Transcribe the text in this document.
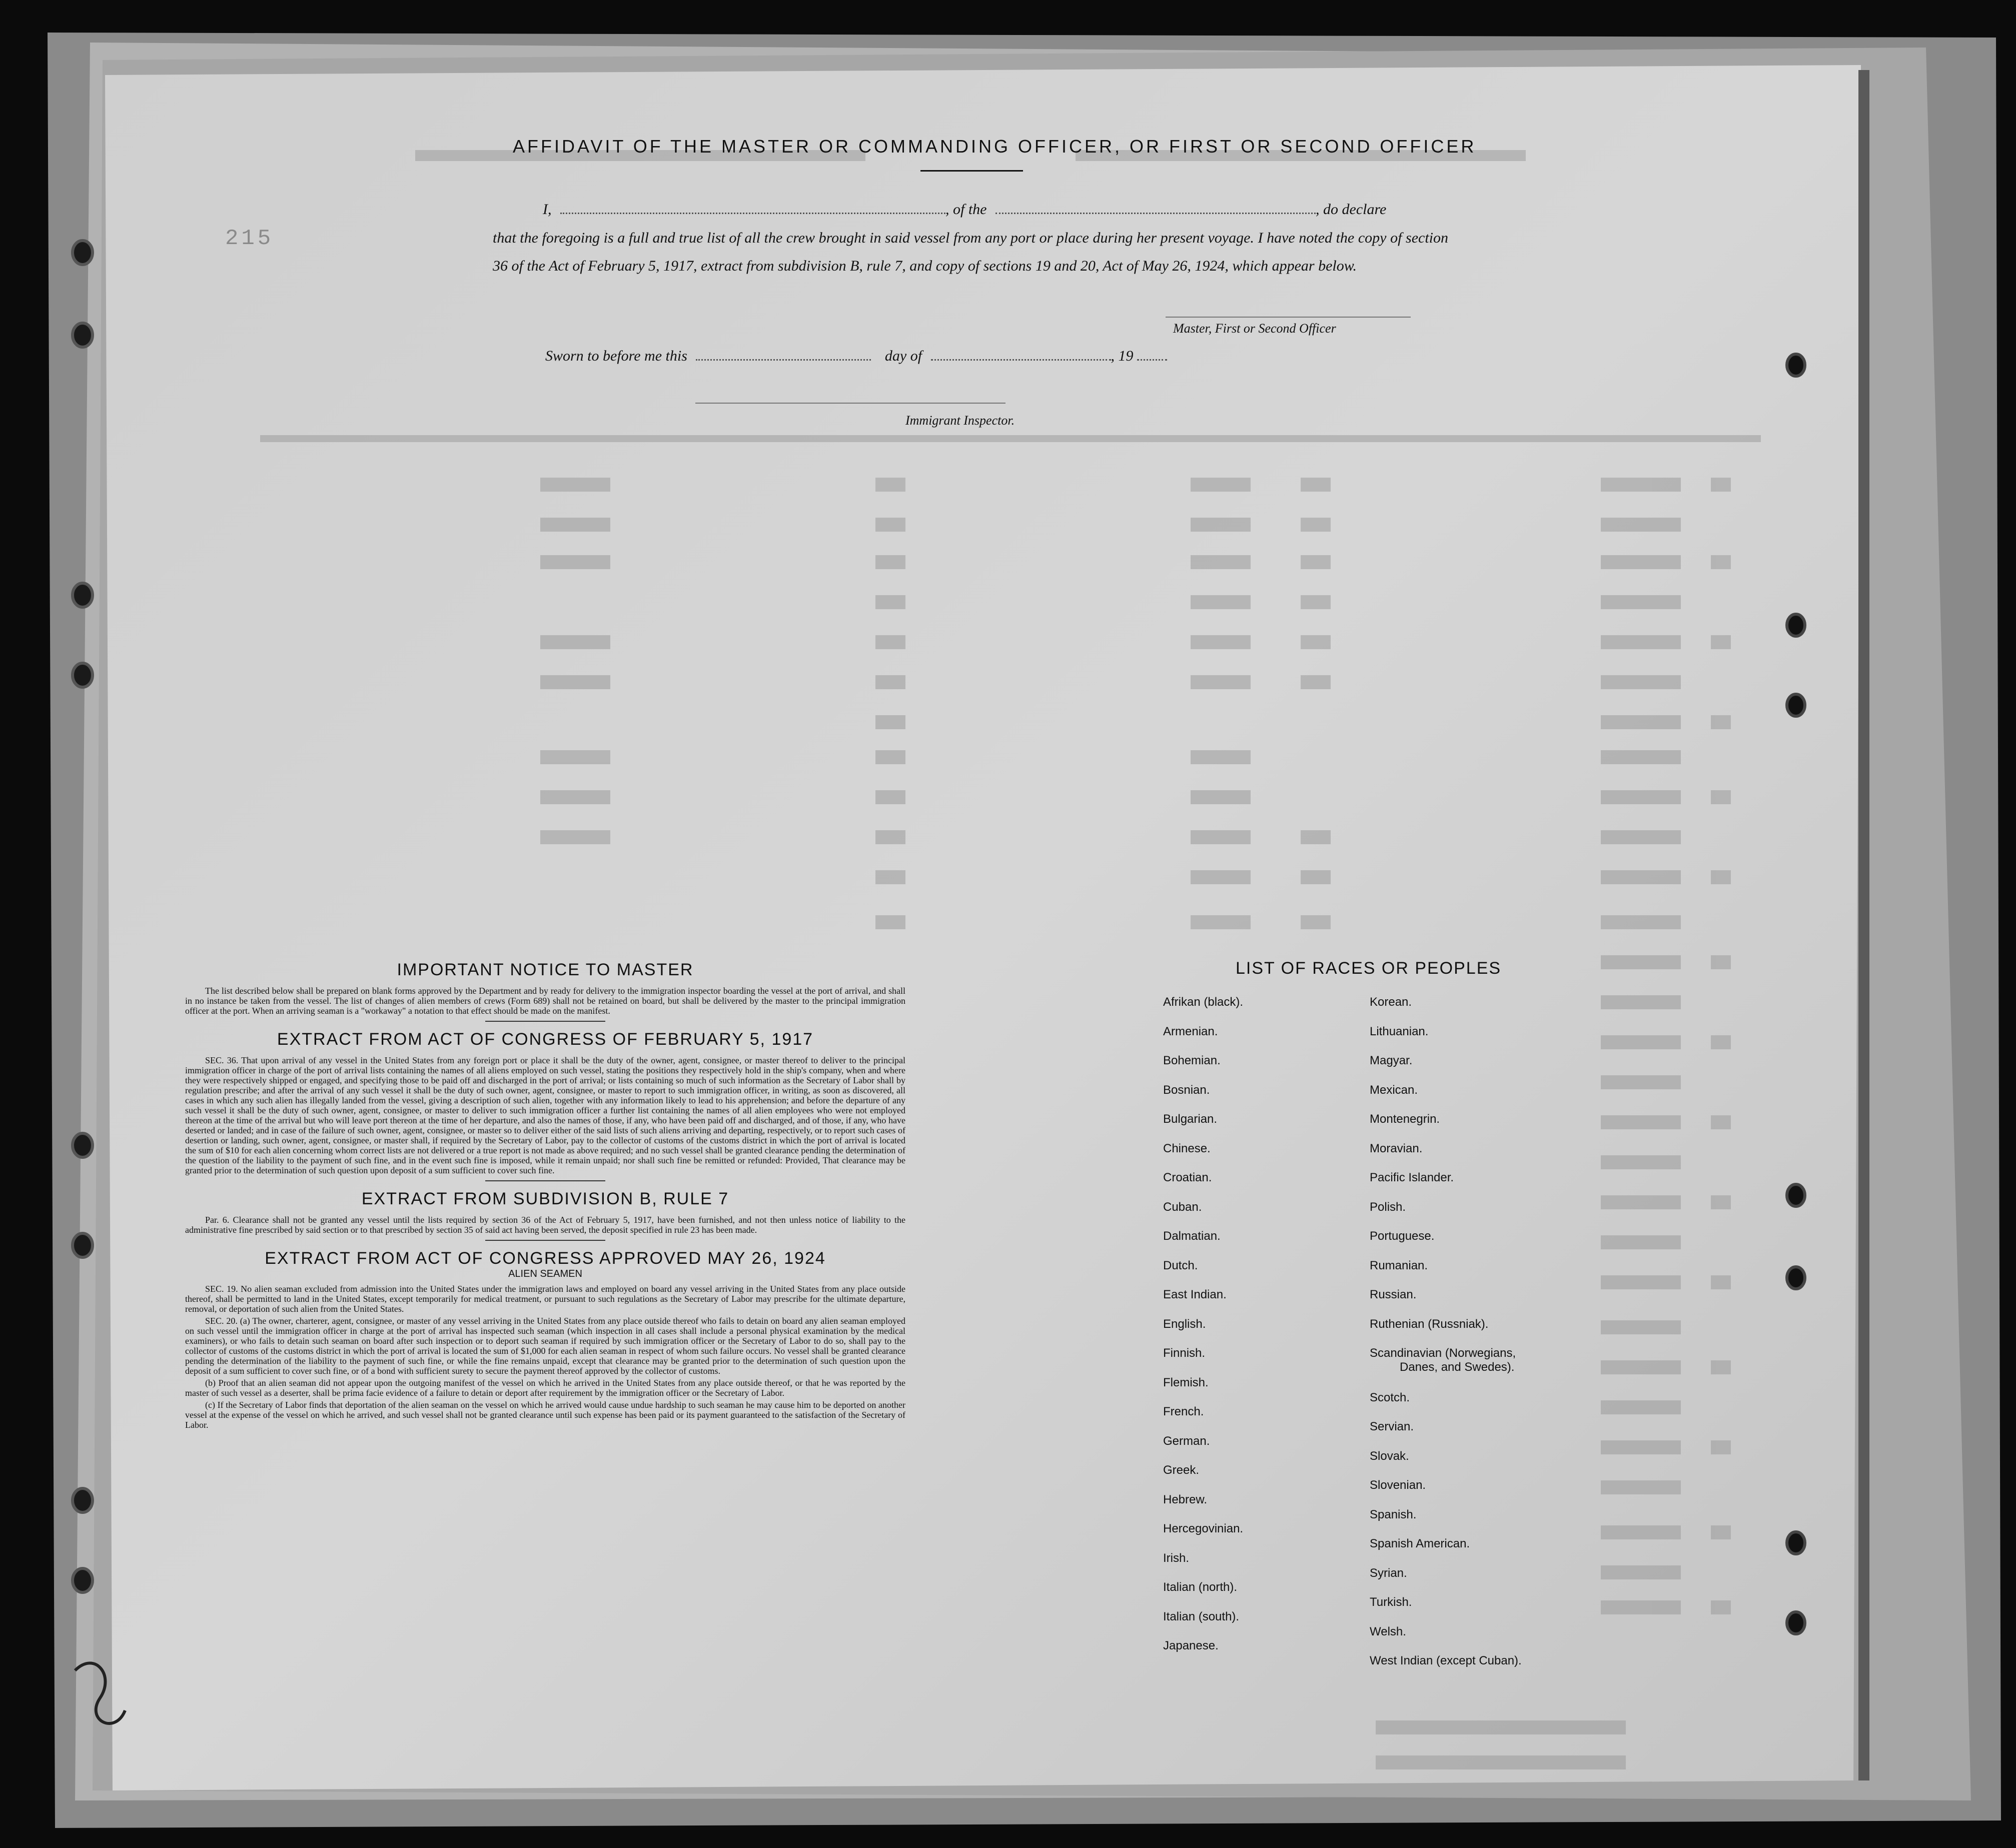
AFFIDAVIT OF THE MASTER OR COMMANDING OFFICER, OR FIRST OR SECOND OFFICER
I,	, of the	, do declare
that the foregoing is a full and true list of all the crew brought in said vessel from any port or place during her present voyage. I have noted the copy of section 36 of the Act of February 5, 1917, extract from subdivision B, rule 7, and copy of sections 19 and 20, Act of May 26, 1924, which appear below.
Master, First or Second Officer
Sworn to before me this	day of	, 19
Immigrant Inspector.
215
IMPORTANT NOTICE TO MASTER

The list described below shall be prepared on blank forms approved by the Department and by ready for delivery to the immigration inspector boarding the vessel at the port of arrival, and shall in no instance be taken from the vessel. The list of changes of alien members of crews (Form 689) shall not be retained on board, but shall be delivered by the master to the principal immigration officer at the port. When an arriving seaman is a "workaway" a notation to that effect should be made on the manifest.

EXTRACT FROM ACT OF CONGRESS OF FEBRUARY 5, 1917

SEC. 36. That upon arrival of any vessel in the United States from any foreign port or place it shall be the duty of the owner, agent, consignee, or master thereof to deliver to the principal immigration officer in charge of the port of arrival lists containing the names of all aliens employed on such vessel, stating the positions they respectively hold in the ship's company, when and where they were respectively shipped or engaged, and specifying those to be paid off and discharged in the port of arrival; or lists containing so much of such information as the Secretary of Labor shall by regulation prescribe; and after the arrival of any such vessel it shall be the duty of such owner, agent, consignee, or master to report to such immigration officer, in writing, as soon as discovered, all cases in which any such alien has illegally landed from the vessel, giving a description of such alien, together with any information likely to lead to his apprehension; and before the departure of any such vessel it shall be the duty of such owner, agent, consignee, or master to deliver to such immigration officer a further list containing the names of all alien employees who were not employed thereon at the time of the arrival but who will leave port thereon at the time of her departure, and also the names of those, if any, who have been paid off and discharged, and of those, if any, who have deserted or landed; and in case of the failure of such owner, agent, consignee, or master so to deliver either of the said lists of such aliens arriving and departing, respectively, or to report such cases of desertion or landing, such owner, agent, consignee, or master shall, if required by the Secretary of Labor, pay to the collector of customs of the customs district in which the port of arrival is located the sum of $10 for each alien concerning whom correct lists are not delivered or a true report is not made as above required; and no such vessel shall be granted clearance pending the determination of the question of the liability to the payment of such fine, and in the event such fine is imposed, while it remain unpaid; nor shall such fine be remitted or refunded: Provided, That clearance may be granted prior to the determination of such question upon deposit of a sum sufficient to cover such fine.

EXTRACT FROM SUBDIVISION B, RULE 7

Par. 6. Clearance shall not be granted any vessel until the lists required by section 36 of the Act of February 5, 1917, have been furnished, and not then unless notice of liability to the administrative fine prescribed by said section or to that prescribed by section 35 of said act having been served, the deposit specified in rule 23 has been made.

EXTRACT FROM ACT OF CONGRESS APPROVED MAY 26, 1924
ALIEN SEAMEN

SEC. 19. No alien seaman excluded from admission into the United States under the immigration laws and employed on board any vessel arriving in the United States from any place outside thereof, shall be permitted to land in the United States, except temporarily for medical treatment, or pursuant to such regulations as the Secretary of Labor may prescribe for the ultimate departure, removal, or deportation of such alien from the United States.

SEC. 20. (a) The owner, charterer, agent, consignee, or master of any vessel arriving in the United States from any place outside thereof who fails to detain on board any alien seaman employed on such vessel until the immigration officer in charge at the port of arrival has inspected such seaman (which inspection in all cases shall include a personal physical examination by the medical examiners), or who fails to detain such seaman on board after such inspection or to deport such seaman if required by such immigration officer or the Secretary of Labor to do so, shall pay to the collector of customs of the customs district in which the port of arrival is located the sum of $1,000 for each alien seaman in respect of whom such failure occurs. No vessel shall be granted clearance pending the determination of the liability to the payment of such fine, or while the fine remains unpaid, except that clearance may be granted prior to the determination of such question upon the deposit of a sum sufficient to cover such fine, or of a bond with sufficient surety to secure the payment thereof approved by the collector of customs.

(b) Proof that an alien seaman did not appear upon the outgoing manifest of the vessel on which he arrived in the United States from any place outside thereof, or that he was reported by the master of such vessel as a deserter, shall be prima facie evidence of a failure to detain or deport after requirement by the immigration officer or the Secretary of Labor.

(c) If the Secretary of Labor finds that deportation of the alien seaman on the vessel on which he arrived would cause undue hardship to such seaman he may cause him to be deported on another vessel at the expense of the vessel on which he arrived, and such vessel shall not be granted clearance until such expense has been paid or its payment guaranteed to the satisfaction of the Secretary of Labor.

LIST OF RACES OR PEOPLES
Afrikan (black).
Armenian.
Bohemian.
Bosnian.
Bulgarian.
Chinese.
Croatian.
Cuban.
Dalmatian.
Dutch.
East Indian.
English.
Finnish.
Flemish.
French.
German.
Greek.
Hebrew.
Hercegovinian.
Irish.
Italian (north).
Italian (south).
Japanese.
Korean.
Lithuanian.
Magyar.
Mexican.
Montenegrin.
Moravian.
Pacific Islander.
Polish.
Portuguese.
Rumanian.
Russian.
Ruthenian (Russniak).
Scandinavian (Norwegians,
Danes, and Swedes).
Scotch.
Servian.
Slovak.
Slovenian.
Spanish.
Spanish American.
Syrian.
Turkish.
Welsh.
West Indian (except Cuban).
